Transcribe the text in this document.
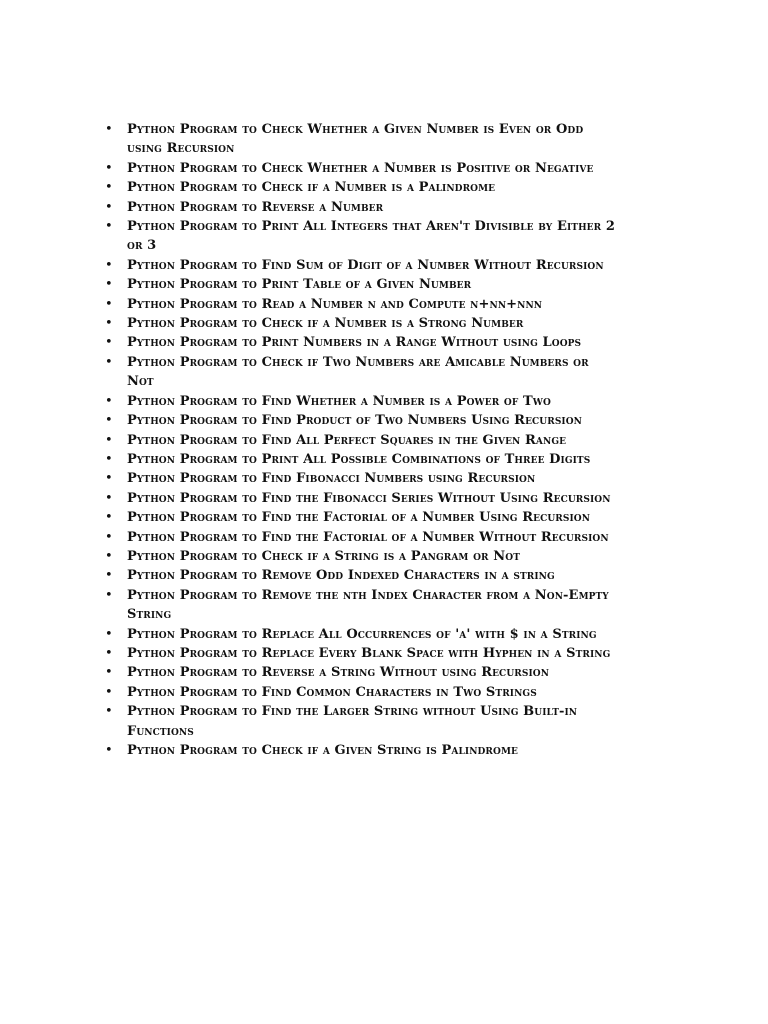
• Python Program to Check Whether a Given Number is Even or Odd using Recursion
• Python Program to Check Whether a Number is Positive or Negative
• Python Program to Check if a Number is a Palindrome
• Python Program to Reverse a Number
• Python Program to Print All Integers that Aren't Divisible by Either 2 or 3
• Python Program to Find Sum of Digit of a Number Without Recursion
• Python Program to Print Table of a Given Number
• Python Program to Read a Number n and Compute n+nn+nnn
• Python Program to Check if a Number is a Strong Number
• Python Program to Print Numbers in a Range Without using Loops
• Python Program to Check if Two Numbers are Amicable Numbers or Not
• Python Program to Find Whether a Number is a Power of Two
• Python Program to Find Product of Two Numbers Using Recursion
• Python Program to Find All Perfect Squares in the Given Range
• Python Program to Print All Possible Combinations of Three Digits
• Python Program to Find Fibonacci Numbers using Recursion
• Python Program to Find the Fibonacci Series Without Using Recursion
• Python Program to Find the Factorial of a Number Using Recursion
• Python Program to Find the Factorial of a Number Without Recursion
• Python Program to Check if a String is a Pangram or Not
• Python Program to Remove Odd Indexed Characters in a string
• Python Program to Remove the nth Index Character from a Non-Empty String
• Python Program to Replace All Occurrences of 'a' with $ in a String
• Python Program to Replace Every Blank Space with Hyphen in a String
• Python Program to Reverse a String Without using Recursion
• Python Program to Find Common Characters in Two Strings
• Python Program to Find the Larger String without Using Built-in Functions
• Python Program to Check if a Given String is Palindrome
